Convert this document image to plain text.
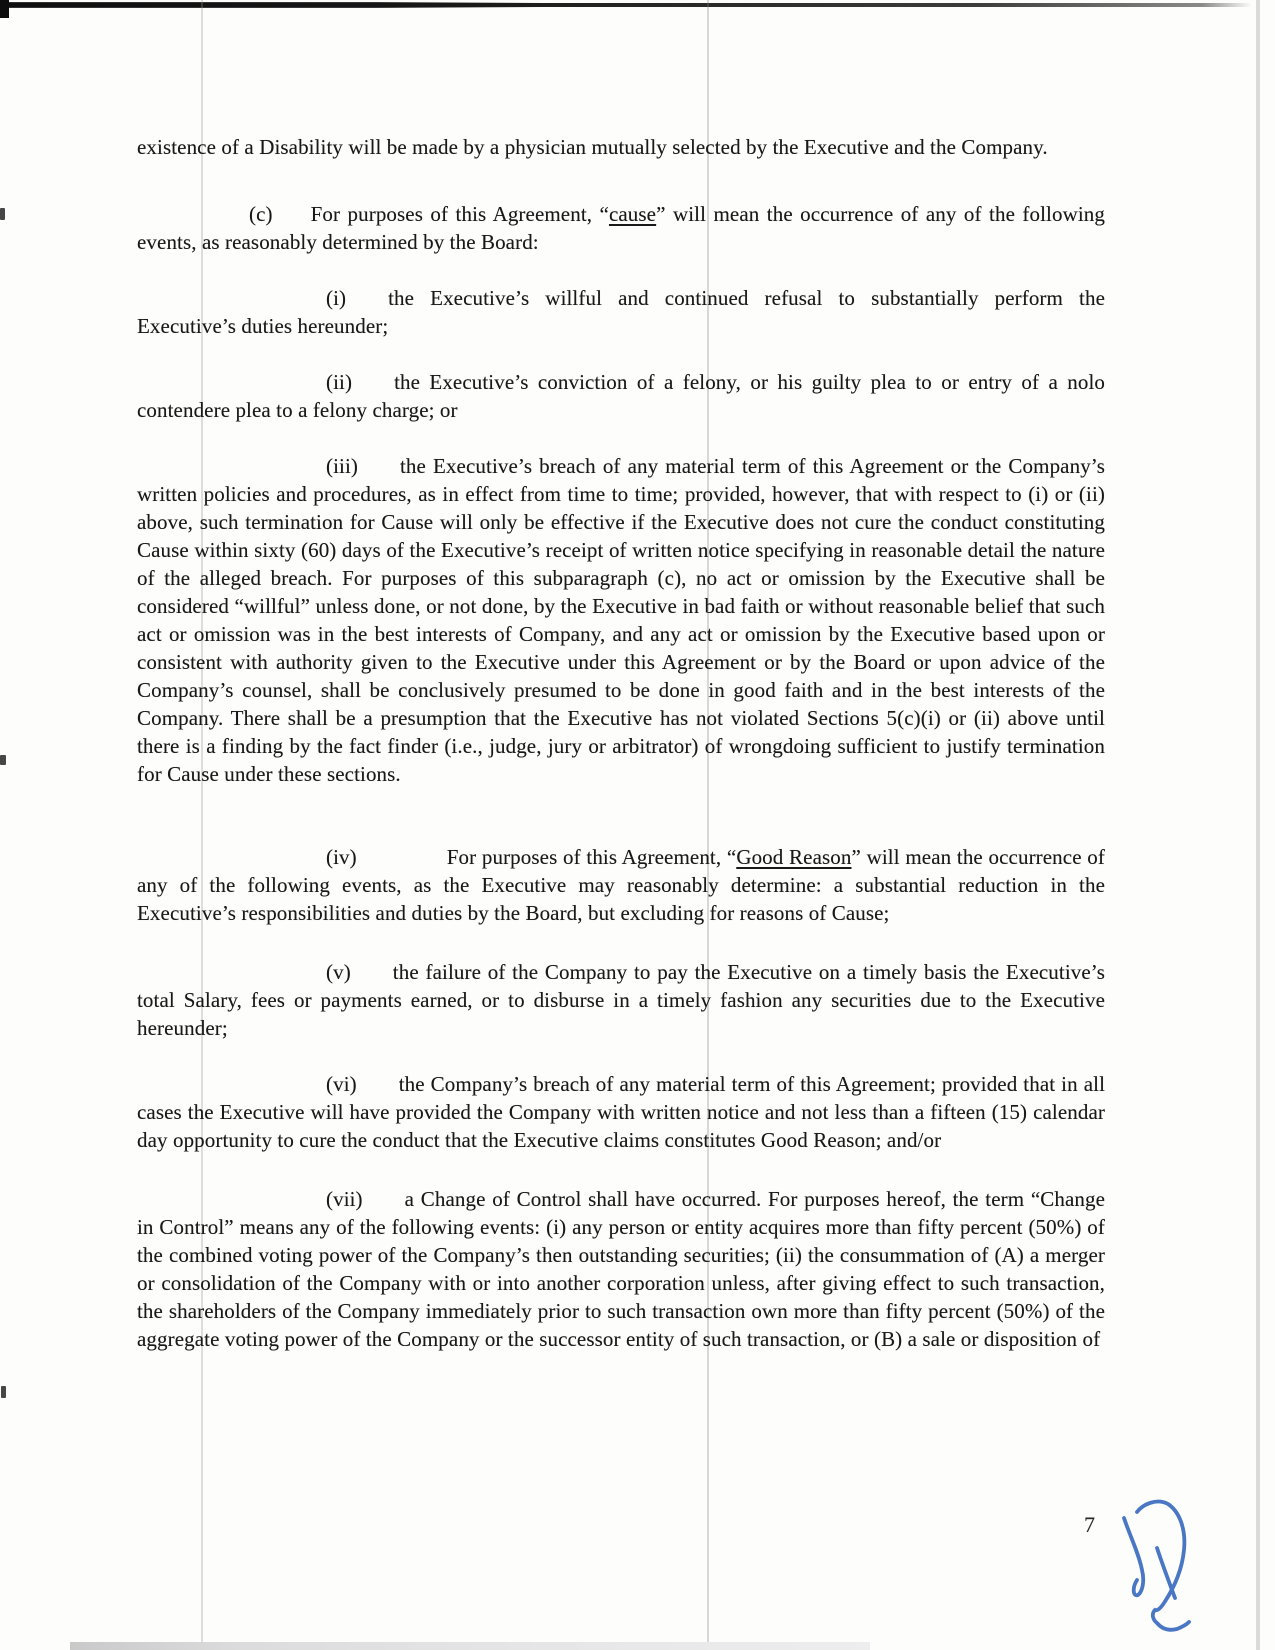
existence of a Disability will be made by a physician mutually selected by the Executive and the Company.

(c) For purposes of this Agreement, “cause” will mean the occurrence of any of the following events, as reasonably determined by the Board:

(i) the Executive’s willful and continued refusal to substantially perform the Executive’s duties hereunder;

(ii) the Executive’s conviction of a felony, or his guilty plea to or entry of a nolo contendere plea to a felony charge; or

(iii) the Executive’s breach of any material term of this Agreement or the Company’s written policies and procedures, as in effect from time to time; provided, however, that with respect to (i) or (ii) above, such termination for Cause will only be effective if the Executive does not cure the conduct constituting Cause within sixty (60) days of the Executive’s receipt of written notice specifying in reasonable detail the nature of the alleged breach. For purposes of this subparagraph (c), no act or omission by the Executive shall be considered “willful” unless done, or not done, by the Executive in bad faith or without reasonable belief that such act or omission was in the best interests of Company, and any act or omission by the Executive based upon or consistent with authority given to the Executive under this Agreement or by the Board or upon advice of the Company’s counsel, shall be conclusively presumed to be done in good faith and in the best interests of the Company. There shall be a presumption that the Executive has not violated Sections 5(c)(i) or (ii) above until there is a finding by the fact finder (i.e., judge, jury or arbitrator) of wrongdoing sufficient to justify termination for Cause under these sections.

(iv)	For purposes of this Agreement, “Good Reason” will mean the occurrence of any of the following events, as the Executive may reasonably determine: a substantial reduction in the Executive’s responsibilities and duties by the Board, but excluding for reasons of Cause;

(v) the failure of the Company to pay the Executive on a timely basis the Executive’s total Salary, fees or payments earned, or to disburse in a timely fashion any securities due to the Executive hereunder;

(vi) the Company’s breach of any material term of this Agreement; provided that in all cases the Executive will have provided the Company with written notice and not less than a fifteen (15) calendar day opportunity to cure the conduct that the Executive claims constitutes Good Reason; and/or

(vii) a Change of Control shall have occurred. For purposes hereof, the term “Change in Control” means any of the following events: (i) any person or entity acquires more than fifty percent (50%) of the combined voting power of the Company’s then outstanding securities; (ii) the consummation of (A) a merger or consolidation of the Company with or into another corporation unless, after giving effect to such transaction, the shareholders of the Company immediately prior to such transaction own more than fifty percent (50%) of the aggregate voting power of the Company or the successor entity of such transaction, or (B) a sale or disposition of

7
